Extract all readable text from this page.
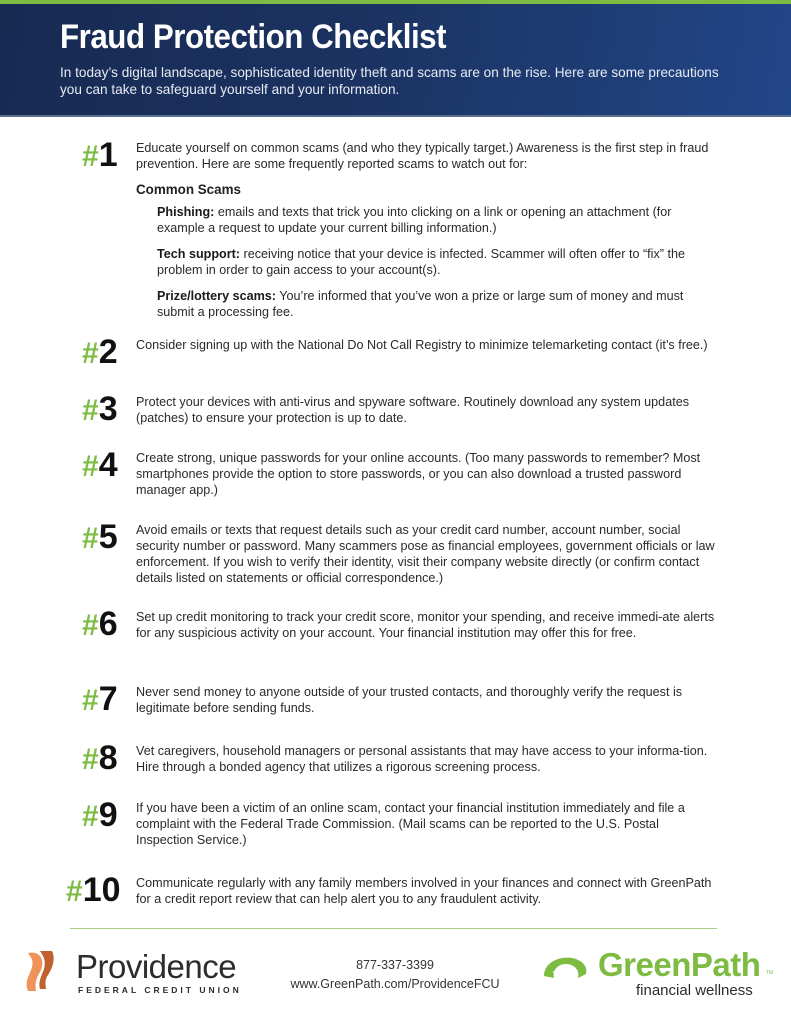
Fraud Protection Checklist
In today’s digital landscape, sophisticated identity theft and scams are on the rise. Here are some precautions you can take to safeguard yourself and your information.
#1 Educate yourself on common scams (and who they typically target.) Awareness is the first step in fraud prevention. Here are some frequently reported scams to watch out for:
Common Scams
Phishing: emails and texts that trick you into clicking on a link or opening an attachment (for example a request to update your current billing information.)
Tech support: receiving notice that your device is infected. Scammer will often offer to “fix” the problem in order to gain access to your account(s).
Prize/lottery scams: You’re informed that you’ve won a prize or large sum of money and must submit a processing fee.
#2 Consider signing up with the National Do Not Call Registry to minimize telemarketing contact (it’s free.)
#3 Protect your devices with anti-virus and spyware software. Routinely download any system updates (patches) to ensure your protection is up to date.
#4 Create strong, unique passwords for your online accounts. (Too many passwords to remember? Most smartphones provide the option to store passwords, or you can also download a trusted password manager app.)
#5 Avoid emails or texts that request details such as your credit card number, account number, social security number or password. Many scammers pose as financial employees, government officials or law enforcement. If you wish to verify their identity, visit their company website directly (or confirm contact details listed on statements or official correspondence.)
#6 Set up credit monitoring to track your credit score, monitor your spending, and receive immedi-ate alerts for any suspicious activity on your account. Your financial institution may offer this for free.
#7 Never send money to anyone outside of your trusted contacts, and thoroughly verify the request is legitimate before sending funds.
#8 Vet caregivers, household managers or personal assistants that may have access to your informa-tion. Hire through a bonded agency that utilizes a rigorous screening process.
#9 If you have been a victim of an online scam, contact your financial institution immediately and file a complaint with the Federal Trade Commission. (Mail scams can be reported to the U.S. Postal Inspection Service.)
#10 Communicate regularly with any family members involved in your finances and connect with GreenPath for a credit report review that can help alert you to any fraudulent activity.
Providence
FEDERAL CREDIT UNION
877-337-3399
www.GreenPath.com/ProvidenceFCU
GreenPath TM
financial wellness
